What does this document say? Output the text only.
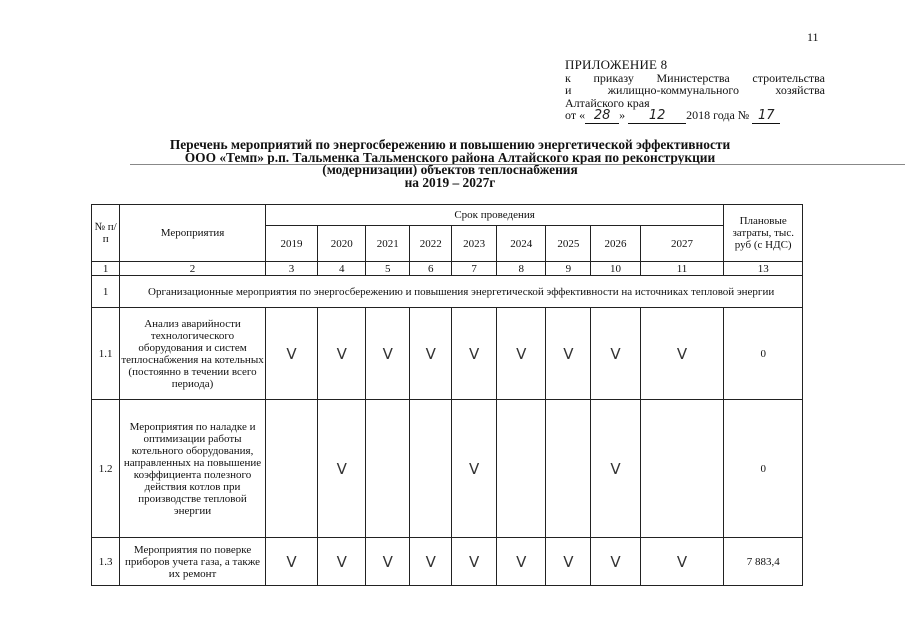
11
ПРИЛОЖЕНИЕ 8
к приказу Министерства строительства
и жилищно-коммунального хозяйства
Алтайского края
от « 28 » 12 2018 года № 17
Перечень мероприятий по энергосбережению и повышению энергетической эффективности
ООО «Темп» р.п. Тальменка Тальменского района Алтайского края по реконструкции
(модернизации) объектов теплоснабжения
на 2019 – 2027г
№ п/п	Мероприятия	Срок проведения									Плановые затраты, тыс. руб (с НДС)
		2019	2020	2021	2022	2023	2024	2025	2026	2027	
1	2	3	4	5	6	7	8	9	10	11	13
1	Организационные мероприятия по энергосбережению и повышения энергетической эффективности на источниках тепловой энергии										
1.1	Анализ аварийности технологического оборудования и систем теплоснабжения на котельных (постоянно в течении всего периода)	V	V	V	V	V	V	V	V	V	0
1.2	Мероприятия по наладке и оптимизации работы котельного оборудования, направленных на повышение коэффициента полезного действия котлов при производстве тепловой энергии		V			V			V		0
1.3	Мероприятия по поверке приборов учета газа, а также их ремонт	V	V	V	V	V	V	V	V	V	7 883,4
